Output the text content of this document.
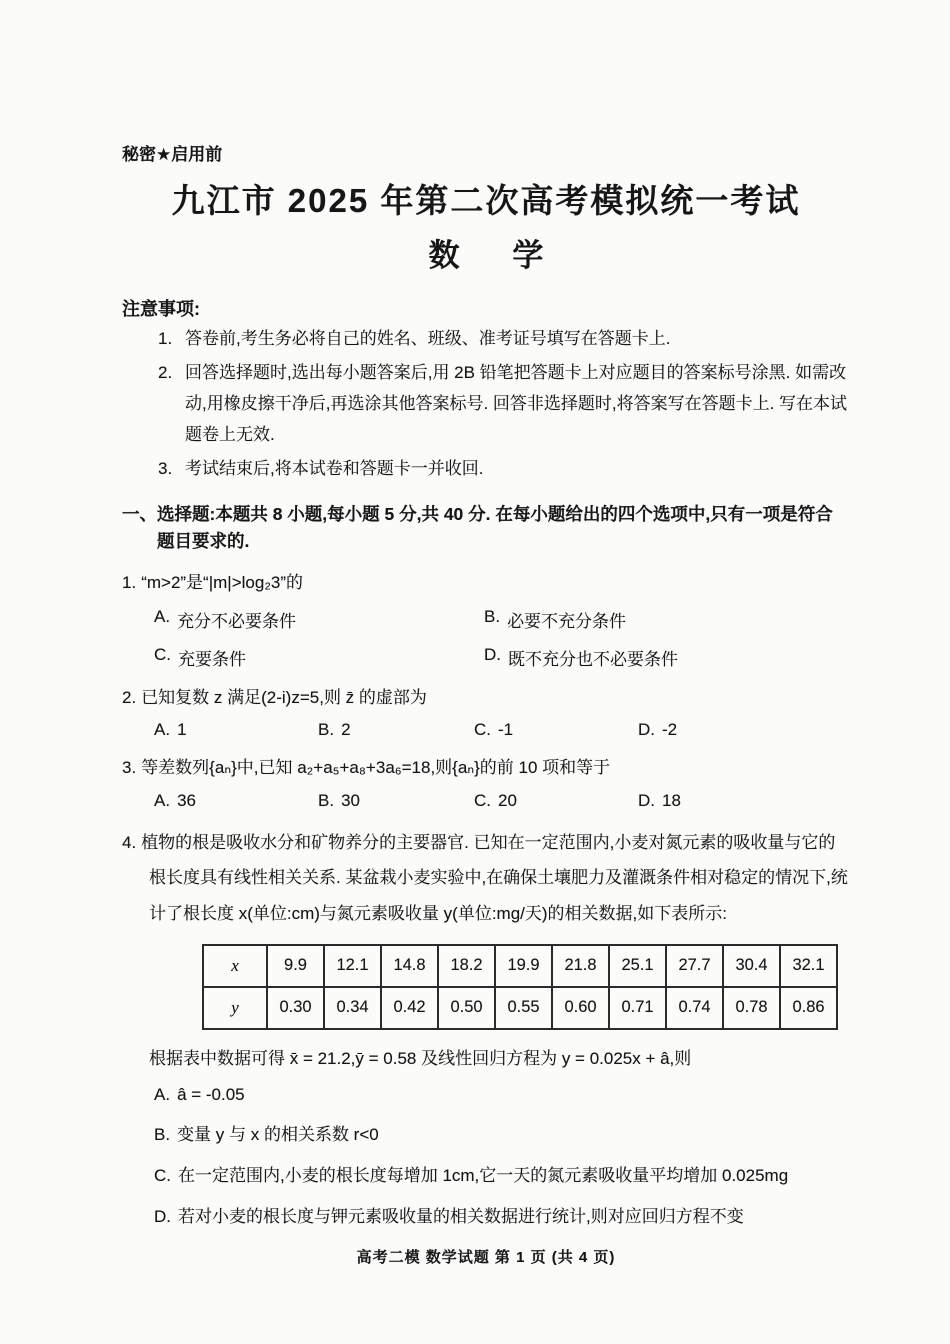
秘密★启用前
九江市 2025 年第二次高考模拟统一考试
数学
注意事项:
1. 答卷前,考生务必将自己的姓名、班级、准考证号填写在答题卡上.
2. 回答选择题时,选出每小题答案后,用 2B 铅笔把答题卡上对应题目的答案标号涂黑. 如需改动,用橡皮擦干净后,再选涂其他答案标号. 回答非选择题时,将答案写在答题卡上. 写在本试题卷上无效.
3. 考试结束后,将本试卷和答题卡一并收回.
一、选择题:本题共 8 小题,每小题 5 分,共 40 分. 在每小题给出的四个选项中,只有一项是符合题目要求的.
1. “m>2”是“|m|>log₂3”的
A. 充分不必要条件	B. 必要不充分条件
C. 充要条件	D. 既不充分也不必要条件
2. 已知复数 z 满足(2-i)z=5,则 z̄ 的虚部为
A. 1	B. 2	C. -1	D. -2
3. 等差数列{aₙ}中,已知 a₂+a₅+a₈+3a₆=18,则{aₙ}的前 10 项和等于
A. 36	B. 30	C. 20	D. 18
4. 植物的根是吸收水分和矿物养分的主要器官. 已知在一定范围内,小麦对氮元素的吸收量与它的根长度具有线性相关关系. 某盆栽小麦实验中,在确保土壤肥力及灌溉条件相对稳定的情况下,统计了根长度 x(单位:cm)与氮元素吸收量 y(单位:mg/天)的相关数据,如下表所示:
x	9.9	12.1	14.8	18.2	19.9	21.8	25.1	27.7	30.4	32.1
y	0.30	0.34	0.42	0.50	0.55	0.60	0.71	0.74	0.78	0.86
根据表中数据可得 x̄ = 21.2,ȳ = 0.58 及线性回归方程为 y = 0.025x + â,则
A. â = -0.05
B. 变量 y 与 x 的相关系数 r<0
C. 在一定范围内,小麦的根长度每增加 1cm,它一天的氮元素吸收量平均增加 0.025mg
D. 若对小麦的根长度与钾元素吸收量的相关数据进行统计,则对应回归方程不变
高考二模 数学试题 第 1 页 (共 4 页)
